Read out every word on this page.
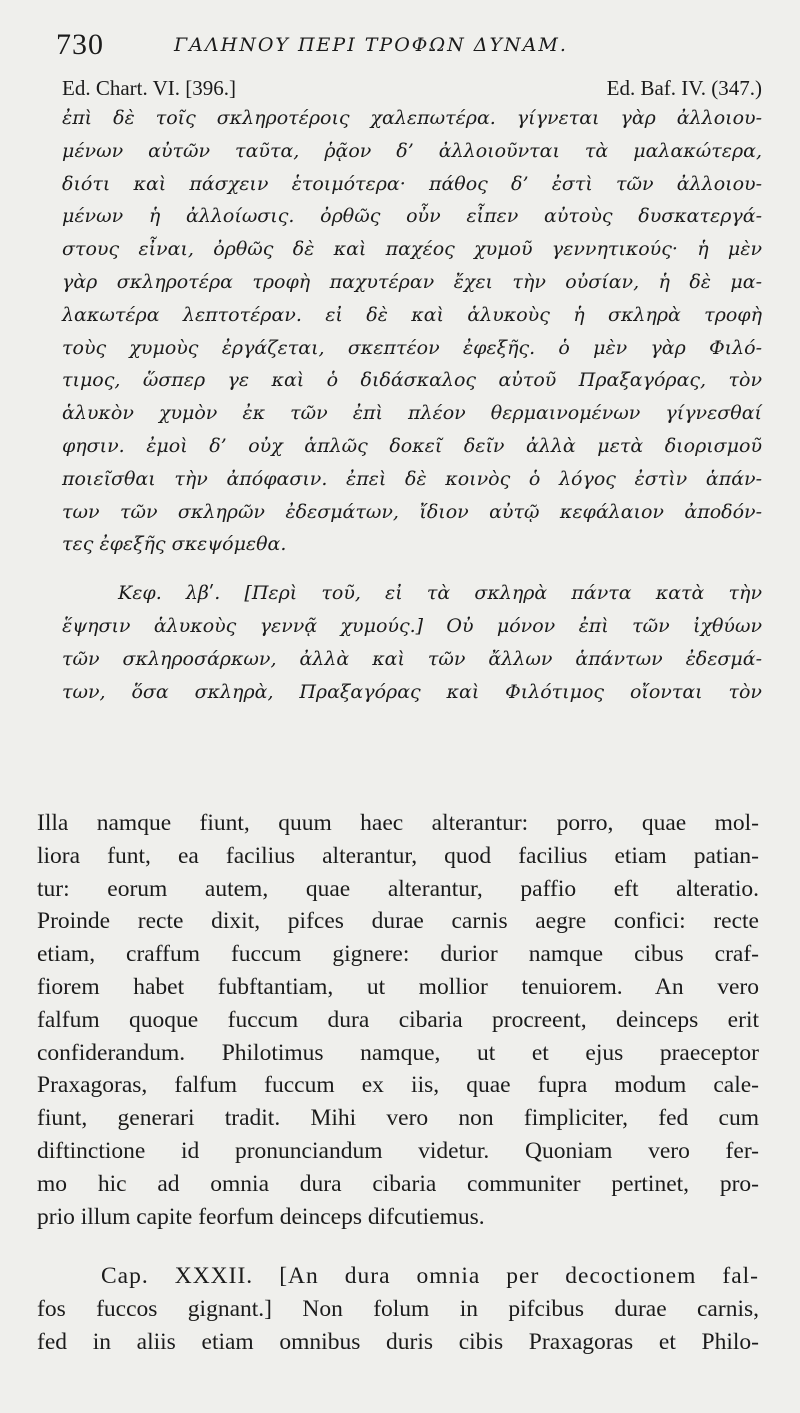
730	ΓΑΛΗΝΟΥ ΠΕΡΙ ΤΡΟΦΩΝ ΔΥΝΑΜ.
Ed. Chart. VI. [396.]	Ed. Baf. IV. (347.)
ἐπὶ δὲ τοῖς σκληροτέροις χαλεπωτέρα. γίγνεται γὰρ ἀλλοιου-
μένων αὐτῶν ταῦτα, ῥᾷον δ’ ἀλλοιοῦνται τὰ μαλακώτερα,
διότι καὶ πάσχειν ἑτοιμότερα· πάθος δ’ ἐστὶ τῶν ἀλλοιου-
μένων ἡ ἀλλοίωσις. ὀρθῶς οὖν εἶπεν αὐτοὺς δυσκατεργά-
στους εἶναι, ὀρθῶς δὲ καὶ παχέος χυμοῦ γεννητικούς· ἡ μὲν
γὰρ σκληροτέρα τροφὴ παχυτέραν ἔχει τὴν οὐσίαν, ἡ δὲ μα-
λακωτέρα λεπτοτέραν. εἰ δὲ καὶ ἁλυκοὺς ἡ σκληρὰ τροφὴ
τοὺς χυμοὺς ἐργάζεται, σκεπτέον ἐφεξῆς. ὁ μὲν γὰρ Φιλό-
τιμος, ὥσπερ γε καὶ ὁ διδάσκαλος αὐτοῦ Πραξαγόρας, τὸν
ἁλυκὸν χυμὸν ἐκ τῶν ἐπὶ πλέον θερμαινομένων γίγνεσθαί
φησιν. ἐμοὶ δ’ οὐχ ἁπλῶς δοκεῖ δεῖν ἀλλὰ μετὰ διορισμοῦ
ποιεῖσθαι τὴν ἀπόφασιν. ἐπεὶ δὲ κοινὸς ὁ λόγος ἐστὶν ἁπάν-
των τῶν σκληρῶν ἐδεσμάτων, ἴδιον αὐτῷ κεφάλαιον ἀποδόν-
τες ἐφεξῆς σκεψόμεθα.
Κεφ. λβʹ. [Περὶ τοῦ, εἰ τὰ σκληρὰ πάντα κατὰ τὴν
ἕψησιν ἁλυκοὺς γεννᾷ χυμούς.] Οὐ μόνον ἐπὶ τῶν ἰχθύων
τῶν σκληροσάρκων, ἀλλὰ καὶ τῶν ἄλλων ἁπάντων ἐδεσμά-
των, ὅσα σκληρὰ, Πραξαγόρας καὶ Φιλότιμος οἴονται τὸν
Illa namque fiunt, quum haec alterantur: porro, quae mol-
liora funt, ea facilius alterantur, quod facilius etiam patian-
tur: eorum autem, quae alterantur, paffio eft alteratio.
Proinde recte dixit, pifces durae carnis aegre confici: recte
etiam, craffum fuccum gignere: durior namque cibus craf-
fiorem habet fubftantiam, ut mollior tenuiorem. An vero
falfum quoque fuccum dura cibaria procreent, deinceps erit
confiderandum. Philotimus namque, ut et ejus praeceptor
Praxagoras, falfum fuccum ex iis, quae fupra modum cale-
fiunt, generari tradit. Mihi vero non fimpliciter, fed cum
diftinctione id pronunciandum videtur. Quoniam vero fer-
mo hic ad omnia dura cibaria communiter pertinet, pro-
prio illum capite feorfum deinceps difcutiemus.
Cap. XXXII. [An dura omnia per decoctionem fal-
fos fuccos gignant.] Non folum in pifcibus durae carnis,
fed in aliis etiam omnibus duris cibis Praxagoras et Philo-
